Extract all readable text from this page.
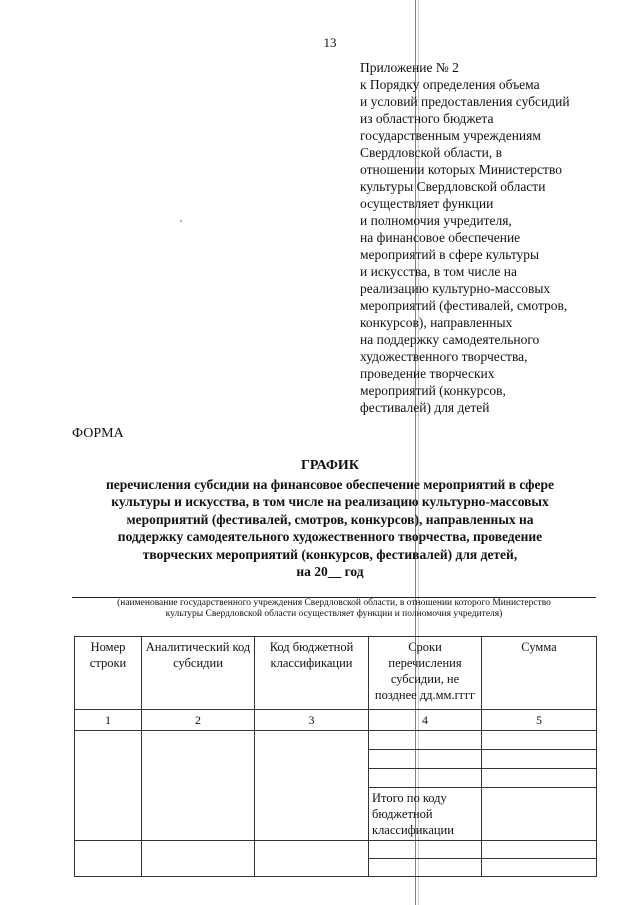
13
Приложение № 2
к Порядку определения объема
и условий предоставления субсидий
из областного бюджета
государственным учреждениям
Свердловской области, в
отношении которых Министерство
культуры Свердловской области
осуществляет функции
и полномочия учредителя,
на финансовое обеспечение
мероприятий в сфере культуры
и искусства, в том числе на
реализацию культурно-массовых
мероприятий (фестивалей, смотров,
конкурсов), направленных
на поддержку самодеятельного
художественного творчества,
проведение творческих
мероприятий (конкурсов,
фестивалей) для детей
ФОРМА
ГРАФИК
перечисления субсидии на финансовое обеспечение мероприятий в сфере
культуры и искусства, в том числе на реализацию культурно-массовых
мероприятий (фестивалей, смотров, конкурсов), направленных на
поддержку самодеятельного художественного творчества, проведение
творческих мероприятий (конкурсов, фестивалей) для детей,
на 20__ год
(наименование государственного учреждения Свердловской области, в отношении которого Министерство
культуры Свердловской области осуществляет функции и полномочия учредителя)
Номер строки	Аналитический код субсидии	Код бюджетной классификации	Сроки перечисления субсидии, не позднее дд.мм.гггг	Сумма
1	2	3	4	5

			Итого по коду бюджетной классификации	
